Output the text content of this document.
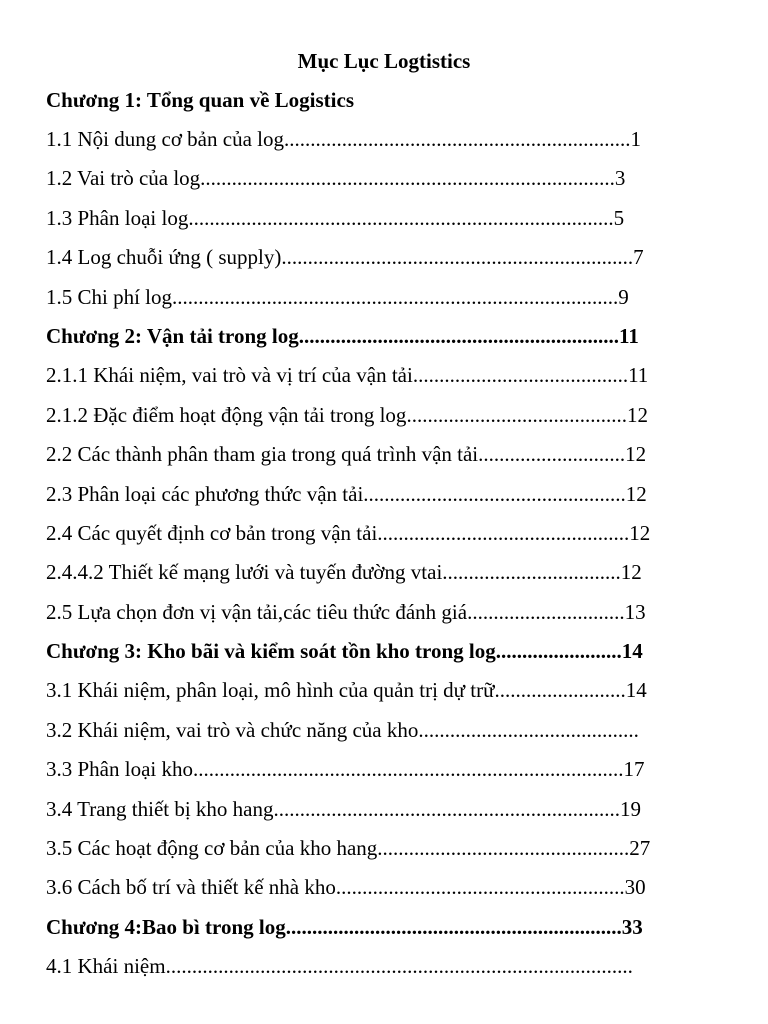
Mục Lục Logtistics
Chương 1: Tổng quan về Logistics
1.1 Nội dung cơ bản của log..................................................................1
1.2 Vai trò của log...............................................................................3
1.3 Phân loại log.................................................................................5
1.4 Log chuỗi ứng ( supply)...................................................................7
1.5 Chi phí log.....................................................................................9
Chương 2: Vận tải trong log.............................................................11
2.1.1 Khái niệm, vai trò và vị trí của vận tải.........................................11
2.1.2 Đặc điểm hoạt động vận tải trong log..........................................12
2.2 Các thành phân tham gia trong quá trình vận tải............................12
2.3 Phân loại các phương thức vận tải..................................................12
2.4 Các quyết định cơ bản trong vận tải................................................12
2.4.4.2 Thiết kế mạng lưới và tuyến đường vtai..................................12
2.5 Lựa chọn đơn vị vận tải,các tiêu thức đánh giá..............................13
Chương 3: Kho bãi và kiểm soát tồn kho trong log........................14
3.1 Khái niệm, phân loại, mô hình của quản trị dự trữ.........................14
3.2 Khái niệm, vai trò và chức năng của kho..........................................
3.3 Phân loại kho..................................................................................17
3.4 Trang thiết bị kho hang..................................................................19
3.5 Các hoạt động cơ bản của kho hang................................................27
3.6 Cách bố trí và thiết kế nhà kho.......................................................30
Chương 4:Bao bì trong log................................................................33
4.1 Khái niệm.........................................................................................
